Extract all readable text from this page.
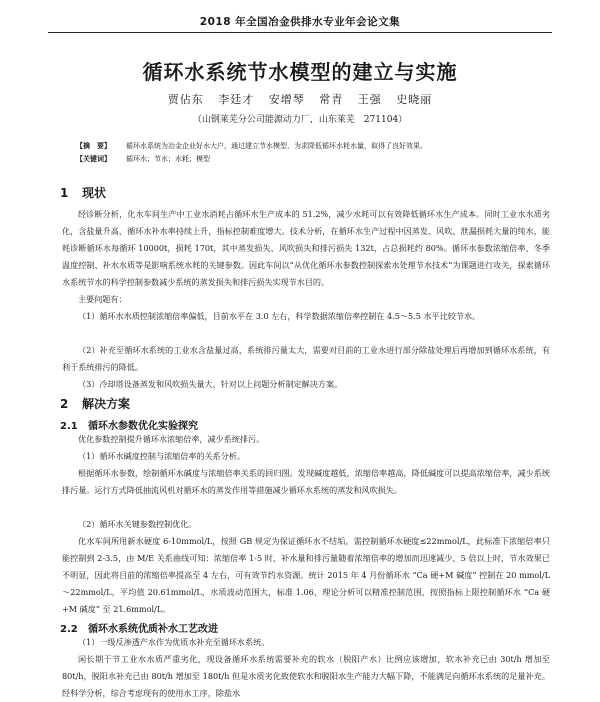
2018 年全国冶金供排水专业年会论文集
循环水系统节水模型的建立与实施
贾佔东 李廷才 安增琴 常青 王强 史晓丽
（山钢莱芜分公司能源动力厂，山东莱芜　271104）
【摘　要】	循环水系统为冶金企业好水大户，通过建立节水模型，为求降低循环水耗水量，取得了良好效果。
【关键词】	循环水；节水；水耗；模型
1 现状
经诊断分析，化水车间生产中工业水消耗占循环水生产成本的 51.2%，减少水耗可以有效降低循环水生产成本。同时工业水水质劣化，含盐量升高，循环水补水率持续上升，指标控制难度增大。技术分析，在循环水生产过程中因蒸发、风吹、泄漏损耗大量的纯水，能耗诊断循环水每循环 10000t，损耗 170t，其中蒸发损失、风吹损失和排污损失 132t，占总损耗约 80%。循环水参数浓缩倍率、冬季温度控制、补水水质等是影响系统水耗的关键参数。因此车间以“从优化循环水参数控制探索水处理节水技术”为课题进行攻关，探索循环水系统节水的科学控制参数减少系统的蒸发损失和排污损失实现节水目的。
主要问题有：
（1）循环水水质控制浓缩倍率偏低，目前水平在 3.0 左右，科学数据浓缩倍率控制在 4.5～5.5 水平比较节水。
（2）补充至循环水系统的工业水含盐量过高，系统排污量太大，需要对目前的工业水进行部分除盐处理后再增加到循环水系统，有利于系统排污的降低。
（3）冷却塔设备蒸发和风吹损失量大，针对以上问题分析制定解决方案。
2 解决方案
2.1 循环水参数优化实验探究
优化参数控制提升循环水浓缩倍率，减少系统排污。
（1）循环水碱度控制与浓缩倍率的关系分析。
根据循环水参数，绘制循环水碱度与浓缩倍率关系的回归图。发现碱度越低，浓缩倍率越高，降低碱度可以提高浓缩倍率，减少系统排污量。运行方式降低抽流风机对循环水的蒸发作用等措施减少循环水系统的蒸发和风吹损失。
（2）循环水关键参数控制优化。
化水车间所用新水硬度 6-10mmol/L，按照 GB 规定为保证循环水不结垢，需控制循环水硬度≤22mmol/L，此标准下浓缩倍率只能控制到 2-3.5，由 M/E 关系曲线可知：浓缩倍率 1-5 时，补水量和排污量随着浓缩倍率的增加而迅速减少，5 倍以上时，节水效果已不明显，因此将目前的浓缩倍率提高至 4 左右，可有效节约水资源。统计 2015 年 4 月份循环水 “Ca 硬+M 碱度” 控制在 20 mmol/L～22mmol/L，平均值 20.61mmol/L，水质波动范围大，标准 1.06，理论分析可以精准控制范围，按照指标上限控制循环水 “Ca 硬+M 碱度” 至 21.6mmol/L。
2.2 循环水系统优质补水工艺改进
（1）一级反渗透产水作为优质水补充至循环水系统。
闲长期于节工业水水质严重劣化，现设备循环水系统需要补充的软水（脱阳产水）比例应该增加，软水补充已由 30t/h 增加至 80t/h，脱阳水补充已由 80t/h 增加至 180t/h 但是水质劣化致使软水和脱阳水生产能力大幅下降，不能满足向循环水系统的足量补充。经科学分析，综合考虑现有的使用水工序，除盐水
